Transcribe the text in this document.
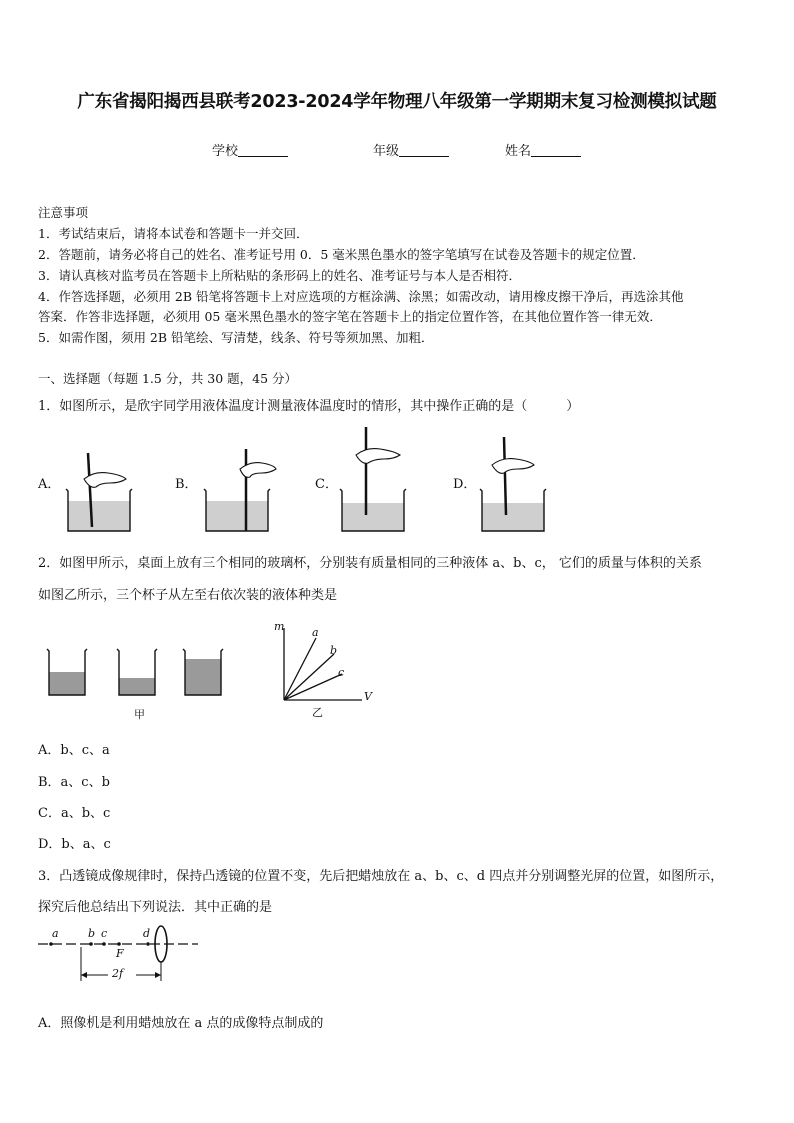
广东省揭阳揭西县联考2023-2024学年物理八年级第一学期期末复习检测模拟试题
学校	年级	姓名
注意事项
1．考试结束后，请将本试卷和答题卡一并交回．
2．答题前，请务必将自己的姓名、准考证号用 0．5 毫米黑色墨水的签字笔填写在试卷及答题卡的规定位置．
3．请认真核对监考员在答题卡上所粘贴的条形码上的姓名、准考证号与本人是否相符．
4．作答选择题，必须用 2B 铅笔将答题卡上对应选项的方框涂满、涂黑；如需改动，请用橡皮擦干净后，再选涂其他
答案．作答非选择题，必须用 05 毫米黑色墨水的签字笔在答题卡上的指定位置作答，在其他位置作答一律无效．
5．如需作图，须用 2B 铅笔绘、写清楚，线条、符号等须加黑、加粗．
一、选择题（每题 1.5 分，共 30 题，45 分）
1．如图所示，是欣宇同学用液体温度计测量液体温度时的情形，其中操作正确的是（　　　）
A．	B．	C．	D．
2．如图甲所示，桌面上放有三个相同的玻璃杯，分别装有质量相同的三种液体 a、b、c， 它们的质量与体积的关系
如图乙所示，三个杯子从左至右依次装的液体种类是
甲
m
V
a
b
c
乙
A．b、c、a
B．a、c、b
C．a、b、c
D．b、a、c
3．凸透镜成像规律时，保持凸透镜的位置不变，先后把蜡烛放在 a、b、c、d 四点并分别调整光屏的位置，如图所示，
探究后他总结出下列说法．其中正确的是
a	b c	d
F
2f
A．照像机是利用蜡烛放在 a 点的成像特点制成的
